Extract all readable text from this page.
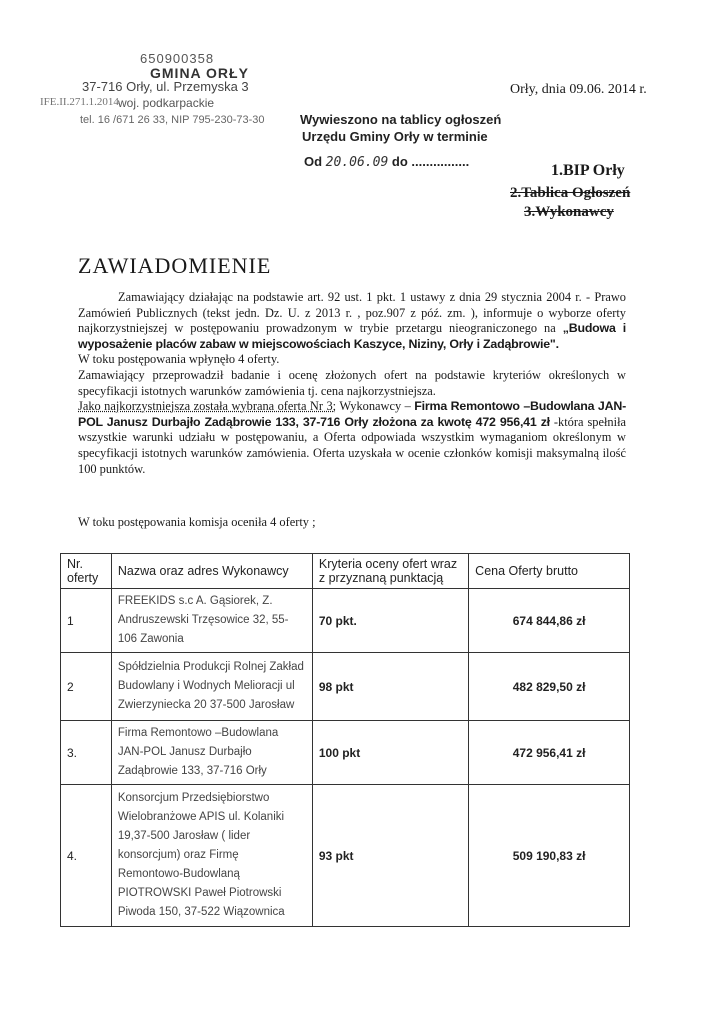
650900358
GMINA ORŁY
37-716 Orły, ul. Przemyska 3
woj. podkarpackie
tel. 16 /671 26 33, NIP 795-230-73-30
IFE.II.271.1.2014
Orły, dnia 09.06. 2014 r.
Wywieszono na tablicy ogłoszeń
Urzędu Gminy Orły w terminie
Od 20.06.09 do ................
1.BIP Orły
2.Tablica Ogłoszeń
3.Wykonawcy
ZAWIADOMIENIE

Zamawiający działając na podstawie art. 92 ust. 1 pkt. 1 ustawy z dnia 29 stycznia 2004 r. - Prawo Zamówień Publicznych (tekst jedn. Dz. U. z 2013 r. , poz.907 z póź. zm. ), informuje o wyborze oferty najkorzystniejszej w postępowaniu prowadzonym w trybie przetargu nieograniczonego na „Budowa i wyposażenie placów zabaw w miejscowościach Kaszyce, Niziny, Orły i Zadąbrowie".

W toku postępowania wpłynęło 4 oferty.

Zamawiający przeprowadził badanie i ocenę złożonych ofert na podstawie kryteriów określonych w specyfikacji istotnych warunków zamówienia tj. cena najkorzystniejsza.

Jako najkorzystniejsza została wybrana oferta Nr 3; Wykonawcy – Firma Remontowo –Budowlana JAN-POL Janusz Durbajło Zadąbrowie 133, 37-716 Orły złożona za kwotę 472 956,41 zł -która spełniła wszystkie warunki udziału w postępowaniu, a Oferta odpowiada wszystkim wymaganiom określonym w specyfikacji istotnych warunków zamówienia. Oferta uzyskała w ocenie członków komisji maksymalną ilość 100 punktów.

W toku postępowania komisja oceniła 4 oferty ;
Nr. oferty	Nazwa oraz adres Wykonawcy	Kryteria oceny ofert wraz z przyznaną punktacją	Cena Oferty brutto
1	FREEKIDS s.c A. Gąsiorek, Z. Andruszewski Trzęsowice 32, 55-106 Zawonia	70 pkt.	674 844,86 zł
2	Spółdzielnia Produkcji Rolnej Zakład Budowlany i Wodnych Melioracji ul Zwierzyniecka 20 37-500 Jarosław	98 pkt	482 829,50 zł
3.	Firma Remontowo –Budowlana JAN-POL Janusz Durbajło Zadąbrowie 133, 37-716 Orły	100 pkt	472 956,41 zł
4.	Konsorcjum Przedsiębiorstwo Wielobranżowe APIS ul. Kolaniki 19,37-500 Jarosław ( lider konsorcjum) oraz Firmę Remontowo-Budowlaną PIOTROWSKI Paweł Piotrowski Piwoda 150, 37-522 Wiązownica	93 pkt	509 190,83 zł
